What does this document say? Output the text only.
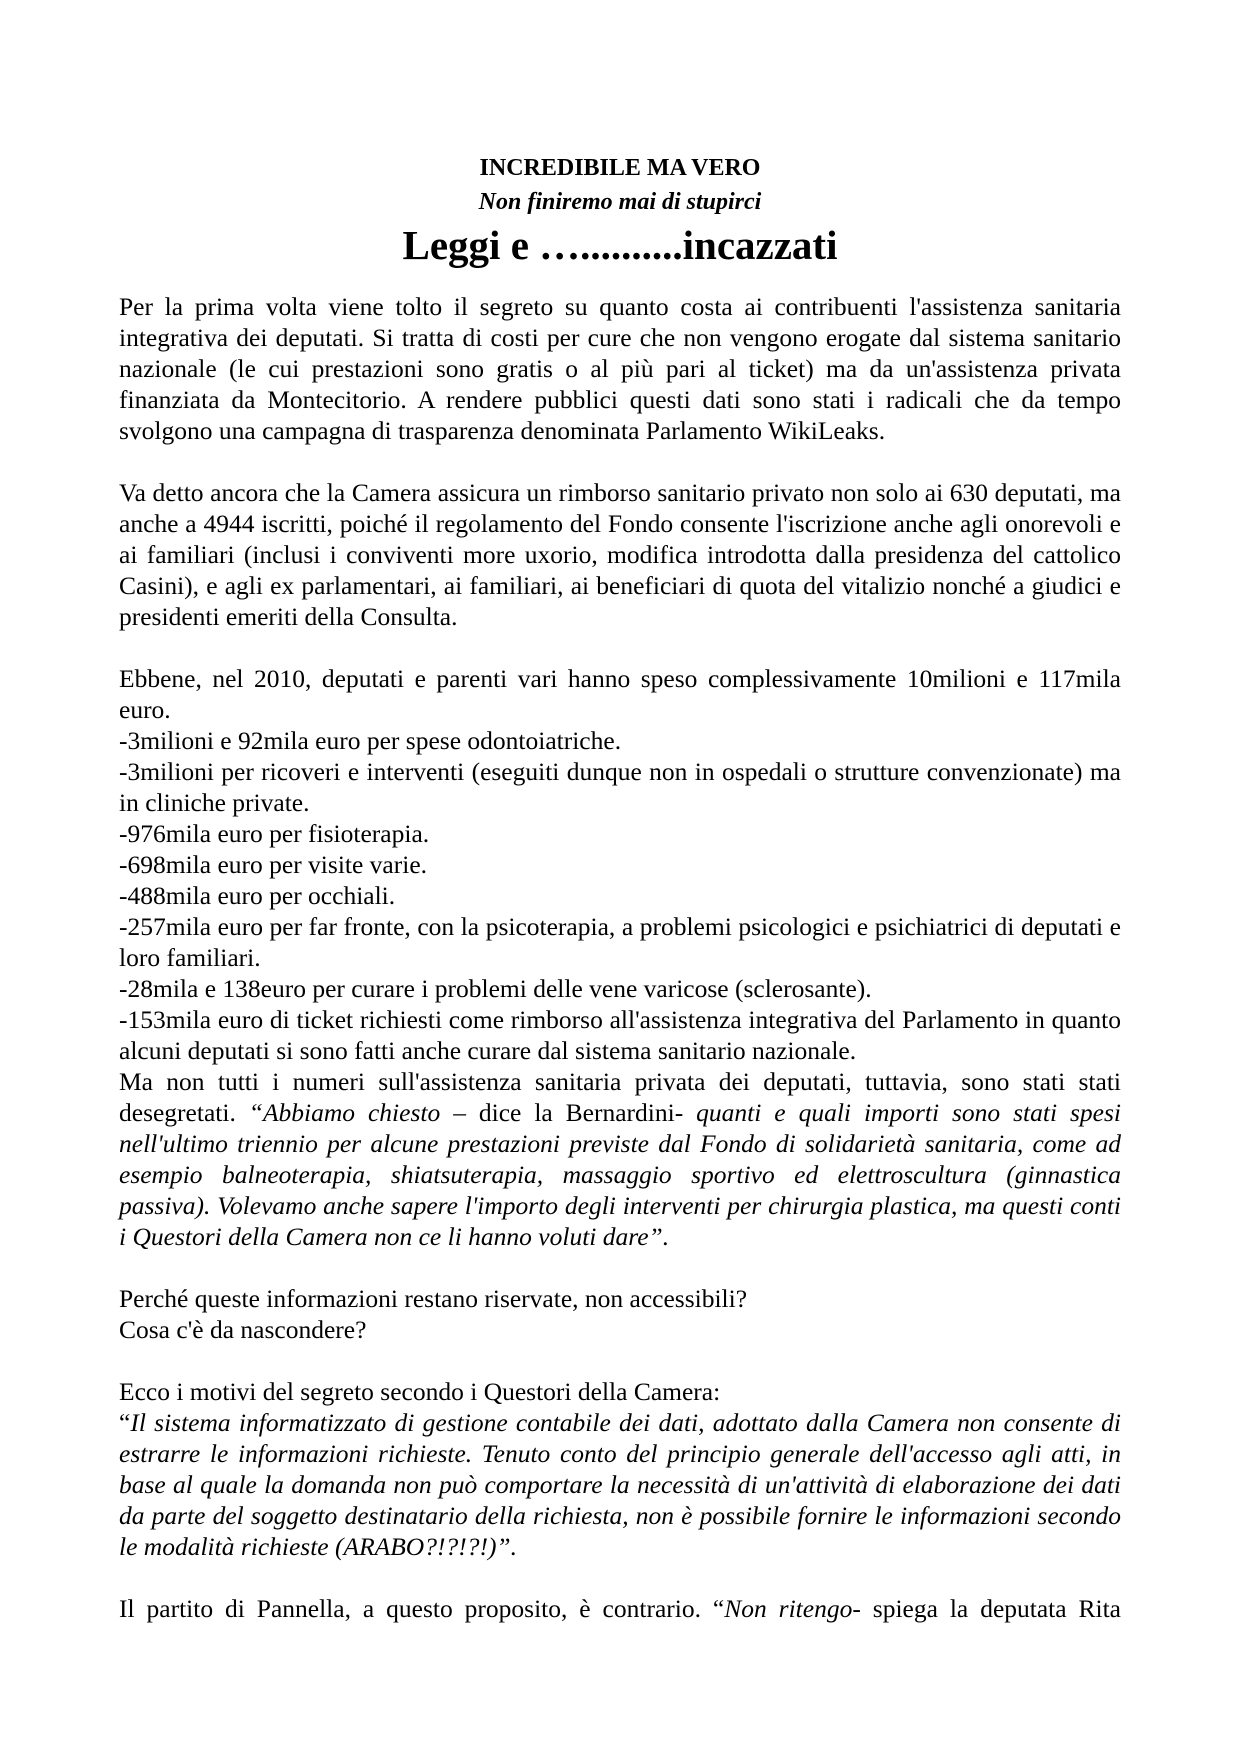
INCREDIBILE MA VERO
Non finiremo mai di stupirci
Leggi e …..........incazzati

Per la prima volta viene tolto il segreto su quanto costa ai contribuenti l'assistenza sanitaria integrativa dei deputati. Si tratta di costi per cure che non vengono erogate dal sistema sanitario nazionale (le cui prestazioni sono gratis o al più pari al ticket) ma da un'assistenza privata finanziata da Montecitorio. A rendere pubblici questi dati sono stati i radicali che da tempo svolgono una campagna di trasparenza denominata Parlamento WikiLeaks.

Va detto ancora che la Camera assicura un rimborso sanitario privato non solo ai 630 deputati, ma anche a 4944 iscritti, poiché il regolamento del Fondo consente l'iscrizione anche agli onorevoli e ai familiari (inclusi i conviventi more uxorio, modifica introdotta dalla presidenza del cattolico Casini), e agli ex parlamentari, ai familiari, ai beneficiari di quota del vitalizio nonché a giudici e presidenti emeriti della Consulta.

Ebbene, nel 2010, deputati e parenti vari hanno speso complessivamente 10milioni e 117mila euro.

-3milioni e 92mila euro per spese odontoiatriche.

-3milioni per ricoveri e interventi (eseguiti dunque non in ospedali o strutture convenzionate) ma in cliniche private.

-976mila euro per fisioterapia.

-698mila euro per visite varie.

-488mila euro per occhiali.

-257mila euro per far fronte, con la psicoterapia, a problemi psicologici e psichiatrici di deputati e loro familiari.

-28mila e 138euro per curare i problemi delle vene varicose (sclerosante).

-153mila euro di ticket richiesti come rimborso all'assistenza integrativa del Parlamento in quanto alcuni deputati si sono fatti anche curare dal sistema sanitario nazionale.

Ma non tutti i numeri sull'assistenza sanitaria privata dei deputati, tuttavia, sono stati stati desegretati. “Abbiamo chiesto – dice la Bernardini- quanti e quali importi sono stati spesi nell'ultimo triennio per alcune prestazioni previste dal Fondo di solidarietà sanitaria, come ad esempio balneoterapia, shiatsuterapia, massaggio sportivo ed elettroscultura (ginnastica passiva). Volevamo anche sapere l'importo degli interventi per chirurgia plastica, ma questi conti i Questori della Camera non ce li hanno voluti dare”.

Perché queste informazioni restano riservate, non accessibili?

Cosa c'è da nascondere?

Ecco i motivi del segreto secondo i Questori della Camera:

“Il sistema informatizzato di gestione contabile dei dati, adottato dalla Camera non consente di estrarre le informazioni richieste. Tenuto conto del principio generale dell'accesso agli atti, in base al quale la domanda non può comportare la necessità di un'attività di elaborazione dei dati da parte del soggetto destinatario della richiesta, non è possibile fornire le informazioni secondo le modalità richieste (ARABO?!?!?!)”.

Il partito di Pannella, a questo proposito, è contrario. “Non ritengo- spiega la deputata Rita
